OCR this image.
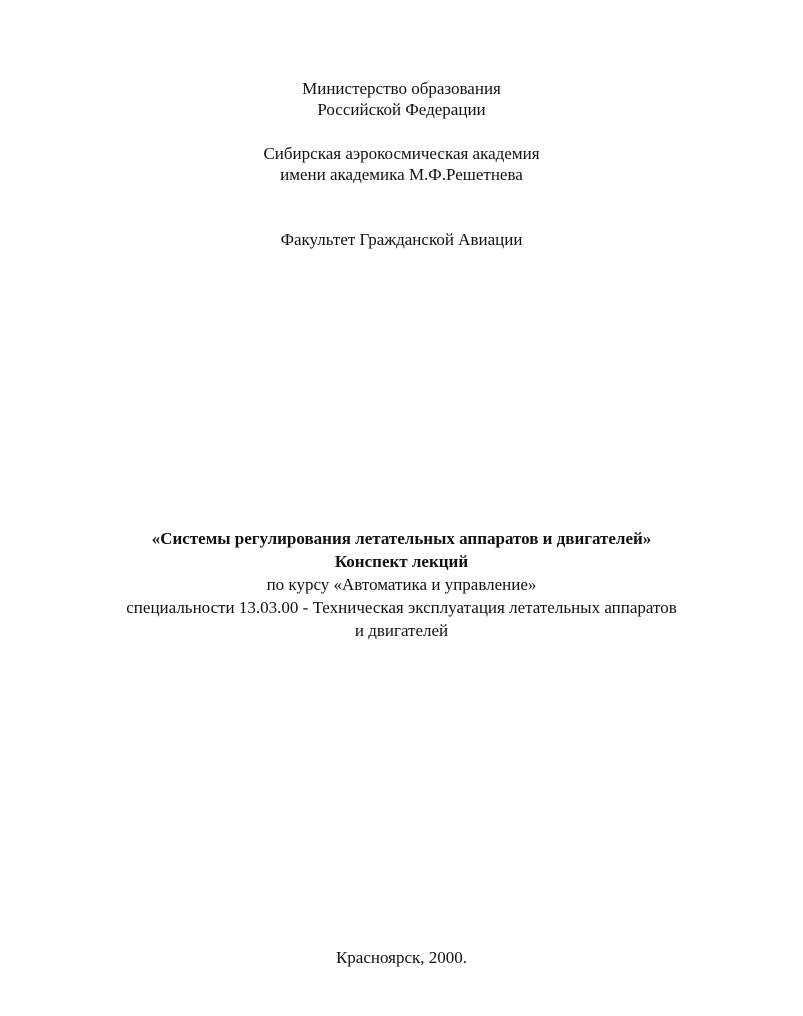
Министерство образования
Российской Федерации
Сибирская аэрокосмическая академия
имени академика М.Ф.Решетнева
Факультет Гражданской Авиации
«Системы регулирования летательных аппаратов и двигателей»
Конспект лекций
по курсу «Автоматика и управление»
специальности 13.03.00 - Техническая эксплуатация летательных аппаратов
и двигателей
Красноярск, 2000.
